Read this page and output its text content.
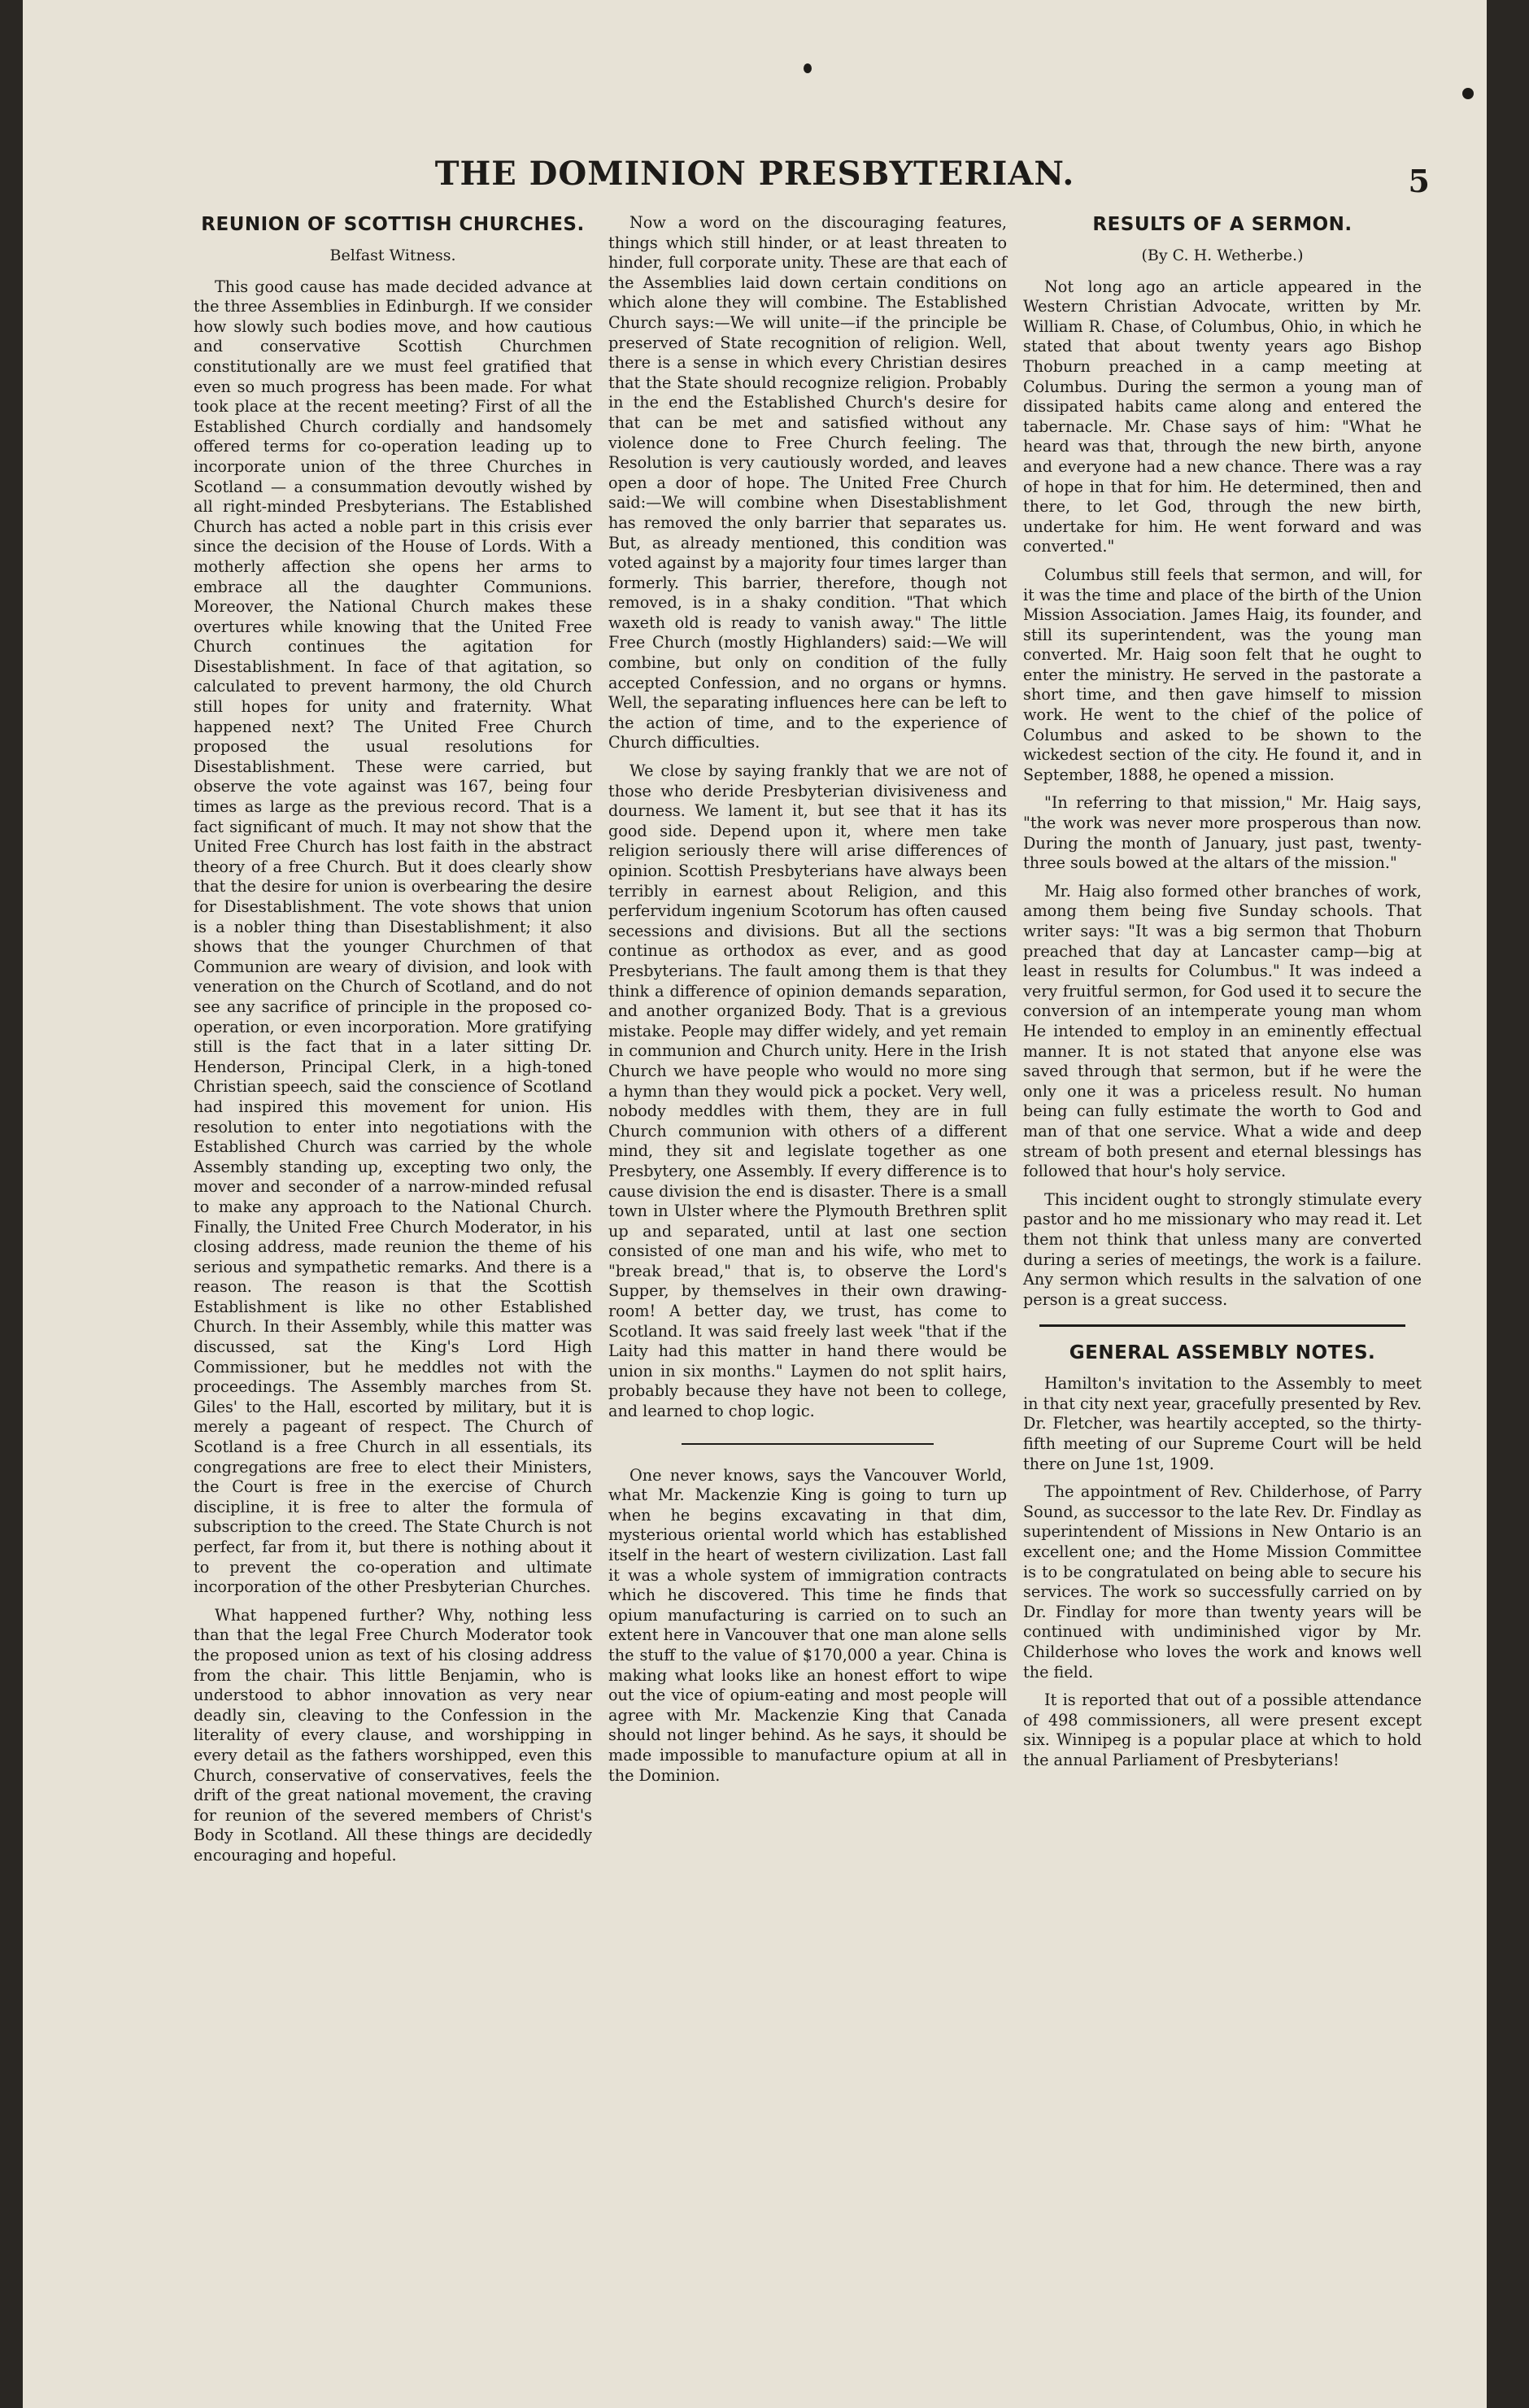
THE DOMINION PRESBYTERIAN.	5
REUNION OF SCOTTISH CHURCHES.
Belfast Witness.

This good cause has made decided advance at the three Assemblies in Edinburgh. If we consider how slowly such bodies move, and how cautious and conservative Scottish Churchmen constitutionally are we must feel gratified that even so much progress has been made. For what took place at the recent meeting? First of all the Established Church cordially and handsomely offered terms for co-operation leading up to incorporate union of the three Churches in Scotland — a consummation devoutly wished by all right-minded Presbyterians. The Established Church has acted a noble part in this crisis ever since the decision of the House of Lords. With a motherly affection she opens her arms to embrace all the daughter Communions. Moreover, the National Church makes these overtures while knowing that the United Free Church continues the agitation for Disestablishment. In face of that agitation, so calculated to prevent harmony, the old Church still hopes for unity and fraternity. What happened next? The United Free Church proposed the usual resolutions for Disestablishment. These were carried, but observe the vote against was 167, being four times as large as the previous record. That is a fact significant of much. It may not show that the United Free Church has lost faith in the abstract theory of a free Church. But it does clearly show that the desire for union is overbearing the desire for Disestablishment. The vote shows that union is a nobler thing than Disestablishment; it also shows that the younger Churchmen of that Communion are weary of division, and look with veneration on the Church of Scotland, and do not see any sacrifice of principle in the proposed co-operation, or even incorporation. More gratifying still is the fact that in a later sitting Dr. Henderson, Principal Clerk, in a high-toned Christian speech, said the conscience of Scotland had inspired this movement for union. His resolution to enter into negotiations with the Established Church was carried by the whole Assembly standing up, excepting two only, the mover and seconder of a narrow-minded refusal to make any approach to the National Church. Finally, the United Free Church Moderator, in his closing address, made reunion the theme of his serious and sympathetic remarks. And there is a reason. The reason is that the Scottish Establishment is like no other Established Church. In their Assembly, while this matter was discussed, sat the King's Lord High Commissioner, but he meddles not with the proceedings. The Assembly marches from St. Giles' to the Hall, escorted by military, but it is merely a pageant of respect. The Church of Scotland is a free Church in all essentials, its congregations are free to elect their Ministers, the Court is free in the exercise of Church discipline, it is free to alter the formula of subscription to the creed. The State Church is not perfect, far from it, but there is nothing about it to prevent the co-operation and ultimate incorporation of the other Presbyterian Churches.

What happened further? Why, nothing less than that the legal Free Church Moderator took the proposed union as text of his closing address from the chair. This little Benjamin, who is understood to abhor innovation as very near deadly sin, cleaving to the Confession in the literality of every clause, and worshipping in every detail as the fathers worshipped, even this Church, conservative of conservatives, feels the drift of the great national movement, the craving for reunion of the severed members of Christ's Body in Scotland. All these things are decidedly encouraging and hopeful.

Now a word on the discouraging features, things which still hinder, or at least threaten to hinder, full corporate unity. These are that each of the Assemblies laid down certain conditions on which alone they will combine. The Established Church says:—We will unite—if the principle be preserved of State recognition of religion. Well, there is a sense in which every Christian desires that the State should recognize religion. Probably in the end the Established Church's desire for that can be met and satisfied without any violence done to Free Church feeling. The Resolution is very cautiously worded, and leaves open a door of hope. The United Free Church said:—We will combine when Disestablishment has removed the only barrier that separates us. But, as already mentioned, this condition was voted against by a majority four times larger than formerly. This barrier, therefore, though not removed, is in a shaky condition. "That which waxeth old is ready to vanish away." The little Free Church (mostly Highlanders) said:—We will combine, but only on condition of the fully accepted Confession, and no organs or hymns. Well, the separating influences here can be left to the action of time, and to the experience of Church difficulties.

We close by saying frankly that we are not of those who deride Presbyterian divisiveness and dourness. We lament it, but see that it has its good side. Depend upon it, where men take religion seriously there will arise differences of opinion. Scottish Presbyterians have always been terribly in earnest about Religion, and this perfervidum ingenium Scotorum has often caused secessions and divisions. But all the sections continue as orthodox as ever, and as good Presbyterians. The fault among them is that they think a difference of opinion demands separation, and another organized Body. That is a grevious mistake. People may differ widely, and yet remain in communion and Church unity. Here in the Irish Church we have people who would no more sing a hymn than they would pick a pocket. Very well, nobody meddles with them, they are in full Church communion with others of a different mind, they sit and legislate together as one Presbytery, one Assembly. If every difference is to cause division the end is disaster. There is a small town in Ulster where the Plymouth Brethren split up and separated, until at last one section consisted of one man and his wife, who met to "break bread," that is, to observe the Lord's Supper, by themselves in their own drawing-room! A better day, we trust, has come to Scotland. It was said freely last week "that if the Laity had this matter in hand there would be union in six months." Laymen do not split hairs, probably because they have not been to college, and learned to chop logic.

One never knows, says the Vancouver World, what Mr. Mackenzie King is going to turn up when he begins excavating in that dim, mysterious oriental world which has established itself in the heart of western civilization. Last fall it was a whole system of immigration contracts which he discovered. This time he finds that opium manufacturing is carried on to such an extent here in Vancouver that one man alone sells the stuff to the value of $170,000 a year. China is making what looks like an honest effort to wipe out the vice of opium-eating and most people will agree with Mr. Mackenzie King that Canada should not linger behind. As he says, it should be made impossible to manufacture opium at all in the Dominion.

RESULTS OF A SERMON.
(By C. H. Wetherbe.)

Not long ago an article appeared in the Western Christian Advocate, written by Mr. William R. Chase, of Columbus, Ohio, in which he stated that about twenty years ago Bishop Thoburn preached in a camp meeting at Columbus. During the sermon a young man of dissipated habits came along and entered the tabernacle. Mr. Chase says of him: "What he heard was that, through the new birth, anyone and everyone had a new chance. There was a ray of hope in that for him. He determined, then and there, to let God, through the new birth, undertake for him. He went forward and was converted."

Columbus still feels that sermon, and will, for it was the time and place of the birth of the Union Mission Association. James Haig, its founder, and still its superintendent, was the young man converted. Mr. Haig soon felt that he ought to enter the ministry. He served in the pastorate a short time, and then gave himself to mission work. He went to the chief of the police of Columbus and asked to be shown to the wickedest section of the city. He found it, and in September, 1888, he opened a mission.

"In referring to that mission," Mr. Haig says, "the work was never more prosperous than now. During the month of January, just past, twenty-three souls bowed at the altars of the mission."

Mr. Haig also formed other branches of work, among them being five Sunday schools. That writer says: "It was a big sermon that Thoburn preached that day at Lancaster camp—big at least in results for Columbus." It was indeed a very fruitful sermon, for God used it to secure the conversion of an intemperate young man whom He intended to employ in an eminently effectual manner. It is not stated that anyone else was saved through that sermon, but if he were the only one it was a priceless result. No human being can fully estimate the worth to God and man of that one service. What a wide and deep stream of both present and eternal blessings has followed that hour's holy service.

This incident ought to strongly stimulate every pastor and ho me missionary who may read it. Let them not think that unless many are converted during a series of meetings, the work is a failure. Any sermon which results in the salvation of one person is a great success.

GENERAL ASSEMBLY NOTES.

Hamilton's invitation to the Assembly to meet in that city next year, gracefully presented by Rev. Dr. Fletcher, was heartily accepted, so the thirty-fifth meeting of our Supreme Court will be held there on June 1st, 1909.

The appointment of Rev. Childerhose, of Parry Sound, as successor to the late Rev. Dr. Findlay as superintendent of Missions in New Ontario is an excellent one; and the Home Mission Committee is to be congratulated on being able to secure his services. The work so successfully carried on by Dr. Findlay for more than twenty years will be continued with undiminished vigor by Mr. Childerhose who loves the work and knows well the field.

It is reported that out of a possible attendance of 498 commissioners, all were present except six. Winnipeg is a popular place at which to hold the annual Parliament of Presbyterians!
